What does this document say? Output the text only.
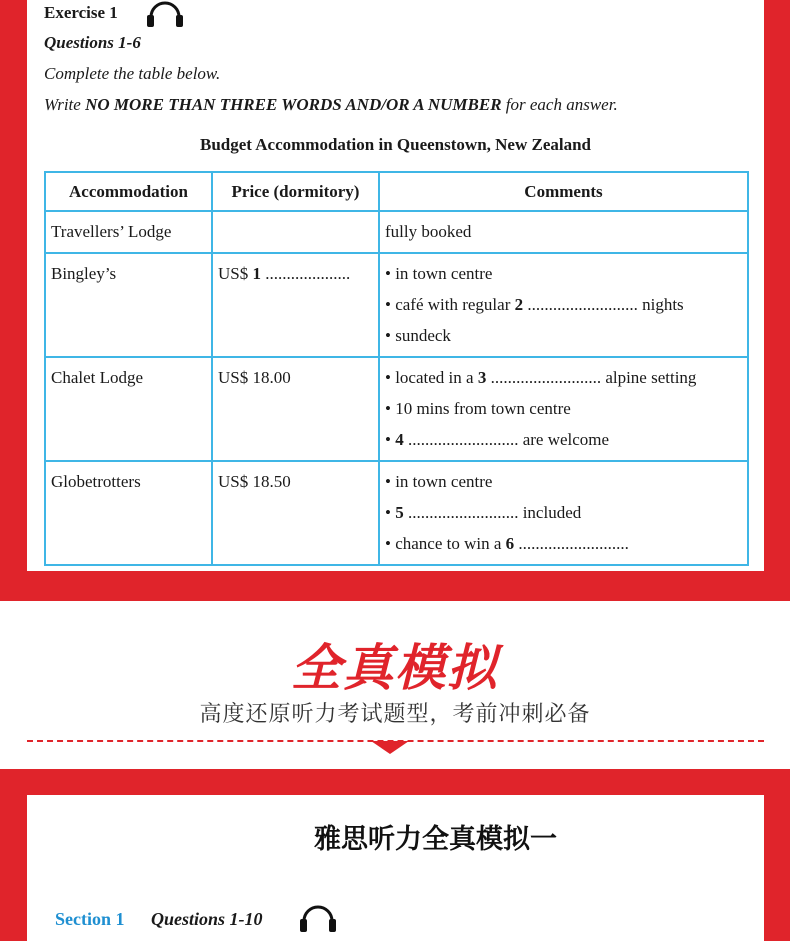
Exercise 1
Questions 1-6
Complete the table below.
Write NO MORE THAN THREE WORDS AND/OR A NUMBER for each answer.
Budget Accommodation in Queenstown, New Zealand
Accommodation	Price (dormitory)	Comments
Travellers’ Lodge		fully booked

Bingley’s	US$ 1 ....................	• in town centre
• café with regular 2 .......................... nights
• sundeck

Chalet Lodge	US$ 18.00	• located in a 3 .......................... alpine setting
• 10 mins from town centre
• 4 .......................... are welcome

Globetrotters	US$ 18.50	• in town centre
• 5 .......................... included
• chance to win a 6 ..........................
全真模拟
高度还原听力考试题型，考前冲刺必备
雅思听力全真模拟一
Section 1 Questions 1-10
